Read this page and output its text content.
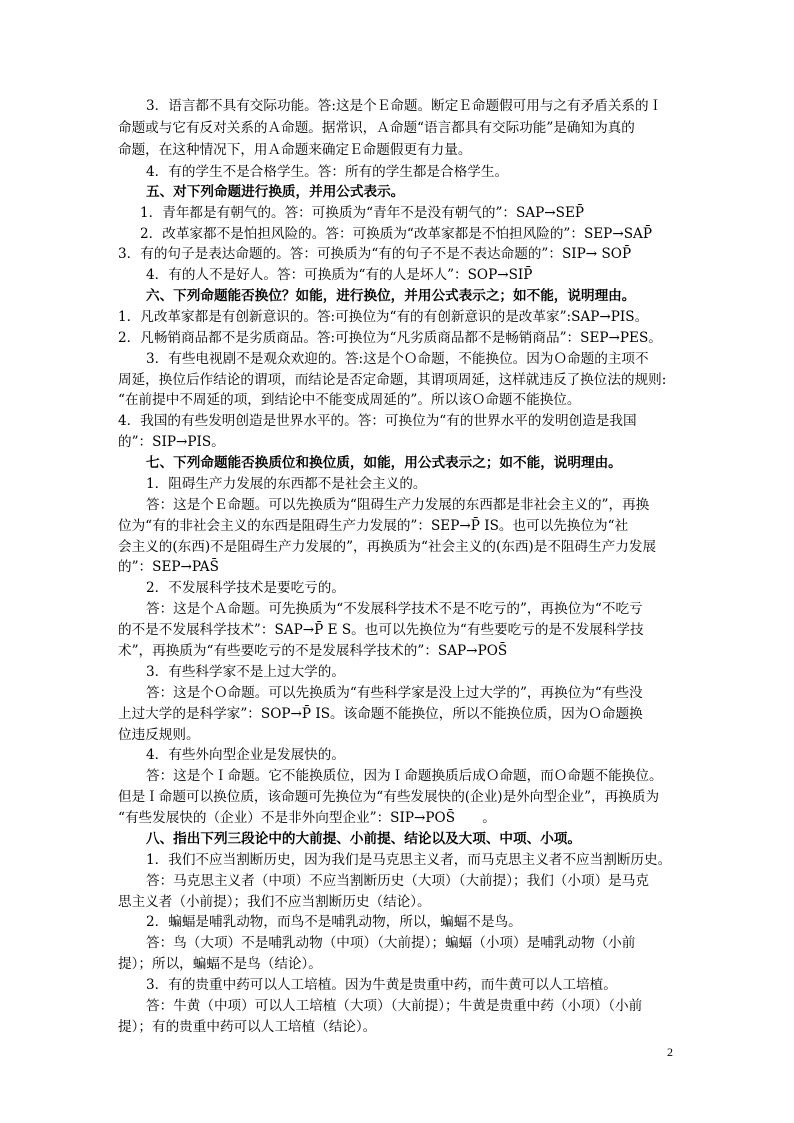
3．语言都不具有交际功能。答:这是个Ｅ命题。断定Ｅ命题假可用与之有矛盾关系的Ｉ
命题或与它有反对关系的Ａ命题。据常识，Ａ命题“语言都具有交际功能”是确知为真的
命题，在这种情况下，用Ａ命题来确定Ｅ命题假更有力量。
4．有的学生不是合格学生。答：所有的学生都是合格学生。
五、对下列命题进行换质，并用公式表示。
1．青年都是有朝气的。答：可换质为“青年不是没有朝气的”：SAP→SEP̄
2．改革家都不是怕担风险的。答：可换质为“改革家都是不怕担风险的”：SEP→SAP̄
3．有的句子是表达命题的。答：可换质为“有的句子不是不表达命题的”：SIP→ SOP̄
4．有的人不是好人。答：可换质为“有的人是坏人”：SOP→SIP̄
六、下列命题能否换位？如能，进行换位，并用公式表示之；如不能，说明理由。
1．凡改革家都是有创新意识的。答:可换位为“有的有创新意识的是改革家”:SAP→PIS。
2．凡畅销商品都不是劣质商品。答:可换位为“凡劣质商品都不是畅销商品”：SEP→PES。
3．有些电视剧不是观众欢迎的。答:这是个Ｏ命题，不能换位。因为Ｏ命题的主项不
周延，换位后作结论的谓项，而结论是否定命题，其谓项周延，这样就违反了换位法的规则:
“在前提中不周延的项，到结论中不能变成周延的”。所以该Ｏ命题不能换位。
4．我国的有些发明创造是世界水平的。答：可换位为“有的世界水平的发明创造是我国
的”：SIP→PIS。
七、下列命题能否换质位和换位质，如能，用公式表示之；如不能，说明理由。
1．阻碍生产力发展的东西都不是社会主义的。
答：这是个Ｅ命题。可以先换质为“阻碍生产力发展的东西都是非社会主义的”，再换
位为“有的非社会主义的东西是阻碍生产力发展的”：SEP→P̄ IS。也可以先换位为“社
会主义的(东西)不是阻碍生产力发展的”，再换质为“社会主义的(东西)是不阻碍生产力发展
的”：SEP→PAS̄
2．不发展科学技术是要吃亏的。
答：这是个Ａ命题。可先换质为“不发展科学技术不是不吃亏的”，再换位为“不吃亏
的不是不发展科学技术”：SAP→P̄ E S。也可以先换位为“有些要吃亏的是不发展科学技
术”，再换质为“有些要吃亏的不是发展科学技术的”：SAP→POS̄
3．有些科学家不是上过大学的。
答：这是个Ｏ命题。可以先换质为“有些科学家是没上过大学的”，再换位为“有些没
上过大学的是科学家”：SOP→P̄ IS。该命题不能换位，所以不能换位质，因为Ｏ命题换
位违反规则。
4．有些外向型企业是发展快的。
答：这是个Ｉ命题。它不能换质位，因为Ｉ命题换质后成Ｏ命题，而Ｏ命题不能换位。
但是Ｉ命题可以换位质，该命题可先换位为“有些发展快的(企业)是外向型企业”，再换质为
“有些发展快的（企业）不是非外向型企业”：SIP→POS̄　　。
八、指出下列三段论中的大前提、小前提、结论以及大项、中项、小项。
1．我们不应当割断历史，因为我们是马克思主义者，而马克思主义者不应当割断历史。
答：马克思主义者（中项）不应当割断历史（大项）（大前提）；我们（小项）是马克
思主义者（小前提）；我们不应当割断历史（结论）。
2．蝙蝠是哺乳动物，而鸟不是哺乳动物，所以，蝙蝠不是鸟。
答：鸟（大项）不是哺乳动物（中项）（大前提）；蝙蝠（小项）是哺乳动物（小前
提）；所以，蝙蝠不是鸟（结论）。
3．有的贵重中药可以人工培植。因为牛黄是贵重中药，而牛黄可以人工培植。
答：牛黄（中项）可以人工培植（大项）（大前提）；牛黄是贵重中药（小项）（小前
提）；有的贵重中药可以人工培植（结论）。
2
